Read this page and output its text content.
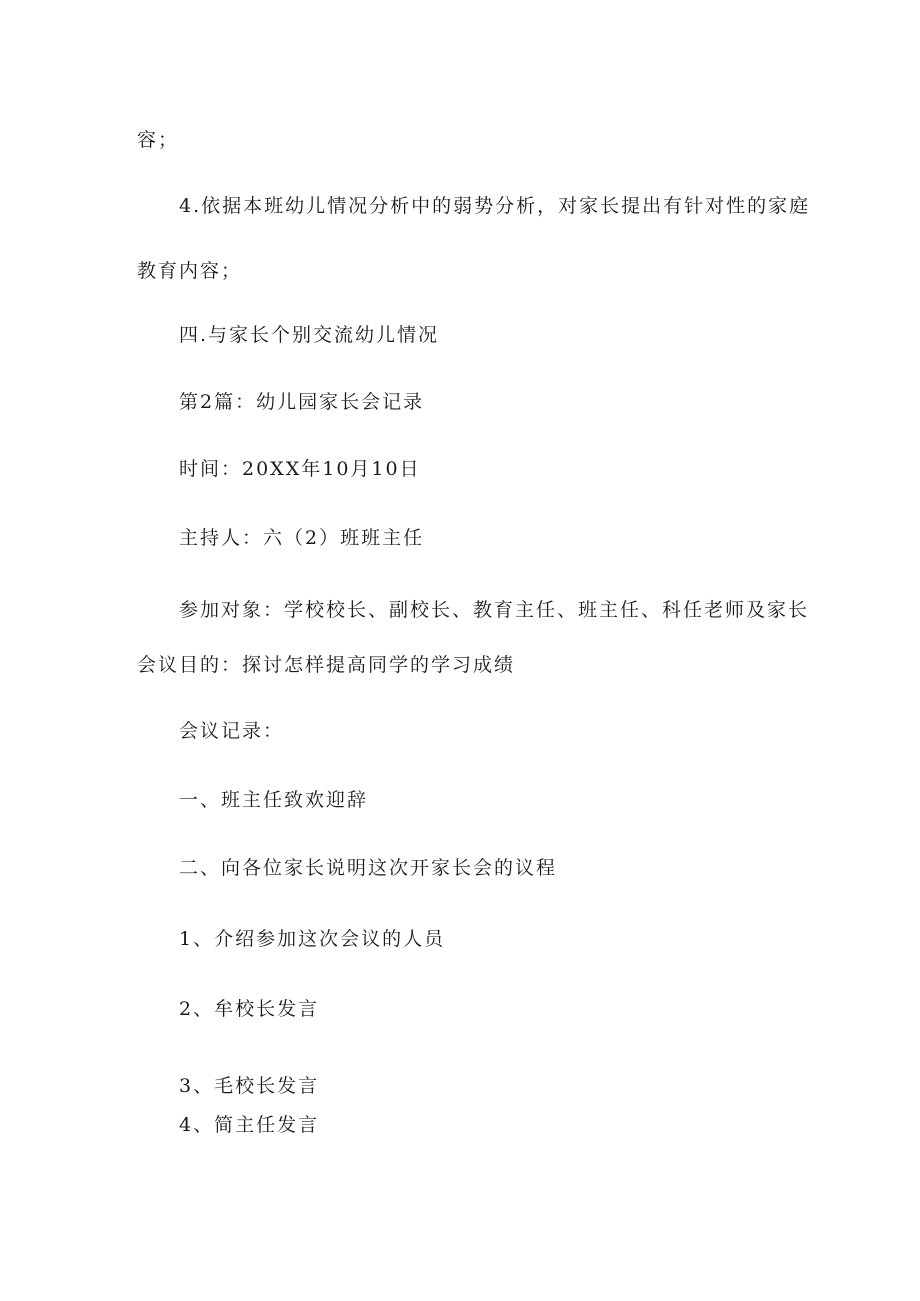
容；
4.依据本班幼儿情况分析中的弱势分析，对家长提出有针对性的家庭
教育内容；
四.与家长个别交流幼儿情况
第2篇：幼儿园家长会记录
时间：20XX年10月10日
主持人：六（2）班班主任
参加对象：学校校长、副校长、教育主任、班主任、科任老师及家长
会议目的：探讨怎样提高同学的学习成绩
会议记录：
一、班主任致欢迎辞
二、向各位家长说明这次开家长会的议程
1、介绍参加这次会议的人员
2、牟校长发言
3、毛校长发言
4、简主任发言
